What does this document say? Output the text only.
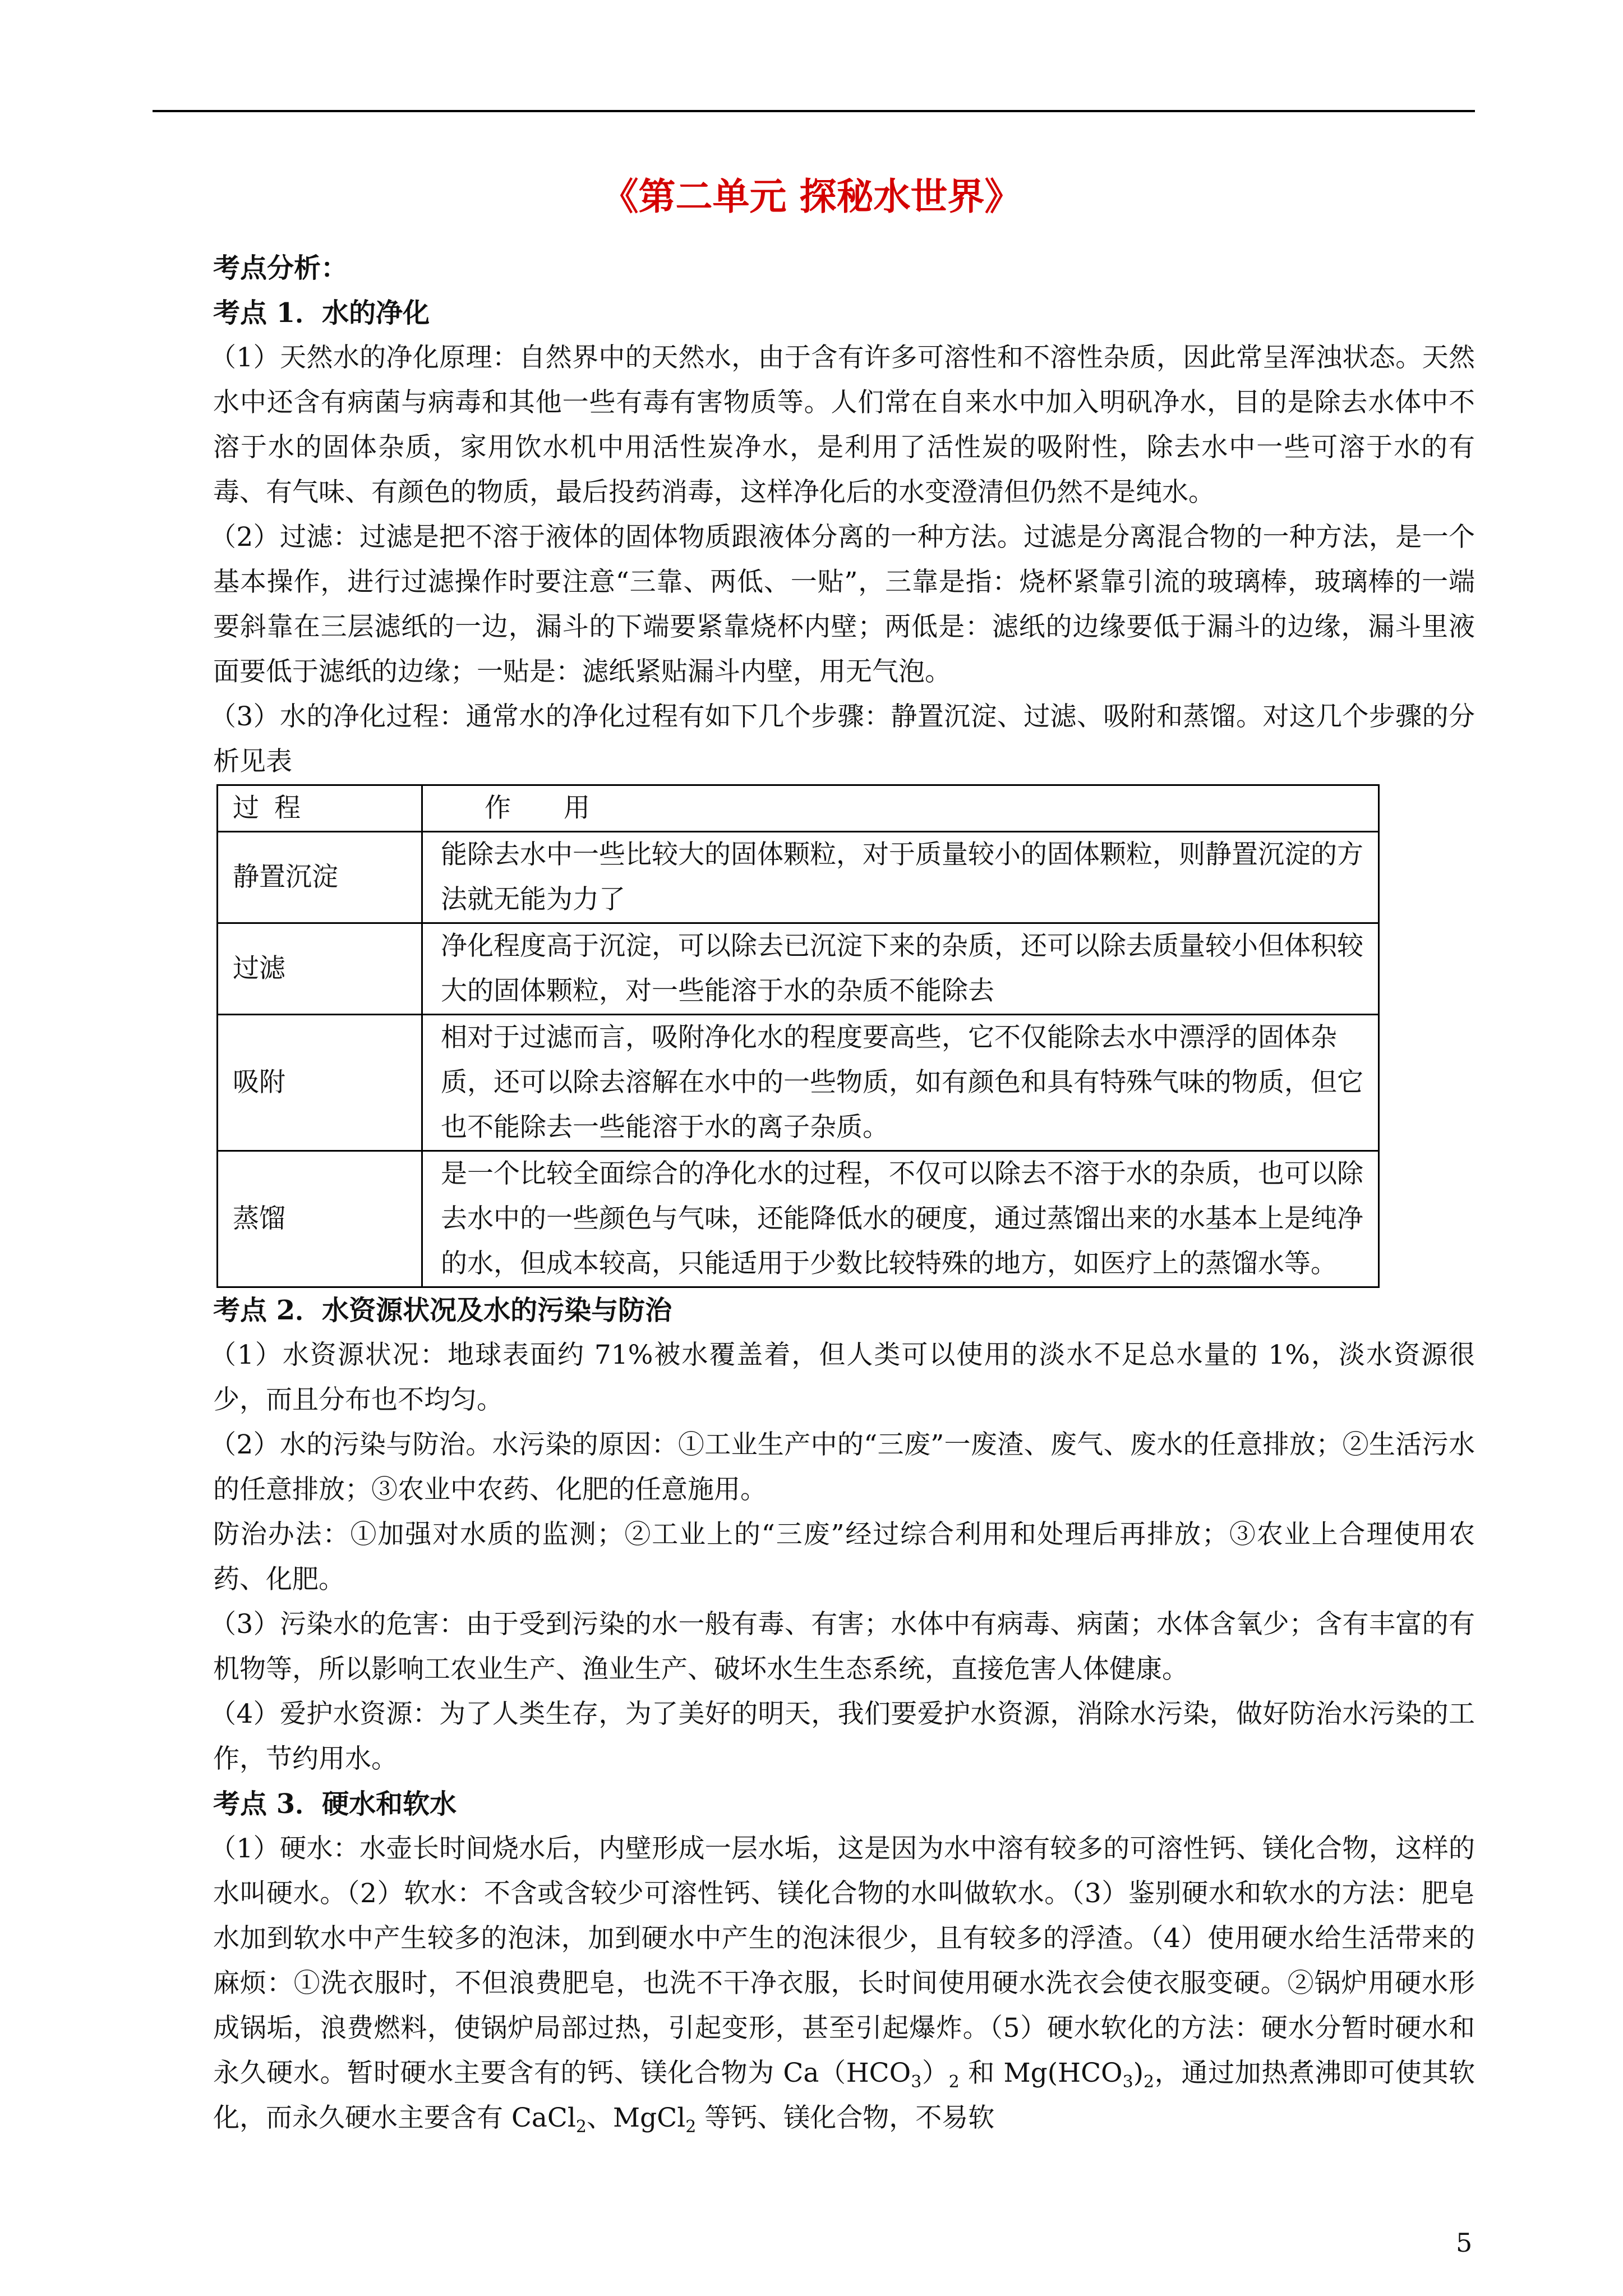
《第二单元 探秘水世界》

考点分析：

考点 1．水的净化

（1）天然水的净化原理：自然界中的天然水，由于含有许多可溶性和不溶性杂质，因此常呈浑浊状态。天然水中还含有病菌与病毒和其他一些有毒有害物质等。人们常在自来水中加入明矾净水，目的是除去水体中不溶于水的固体杂质，家用饮水机中用活性炭净水，是利用了活性炭的吸附性，除去水中一些可溶于水的有毒、有气味、有颜色的物质，最后投药消毒，这样净化后的水变澄清但仍然不是纯水。

（2）过滤：过滤是把不溶于液体的固体物质跟液体分离的一种方法。过滤是分离混合物的一种方法，是一个基本操作，进行过滤操作时要注意“三靠、两低、一贴”，三靠是指：烧杯紧靠引流的玻璃棒，玻璃棒的一端要斜靠在三层滤纸的一边，漏斗的下端要紧靠烧杯内壁；两低是：滤纸的边缘要低于漏斗的边缘，漏斗里液面要低于滤纸的边缘；一贴是：滤纸紧贴漏斗内壁，用无气泡。

（3）水的净化过程：通常水的净化过程有如下几个步骤：静置沉淀、过滤、吸附和蒸馏。对这几个步骤的分析见表

过 程	作　　用
静置沉淀	能除去水中一些比较大的固体颗粒，对于质量较小的固体颗粒，则静置沉淀的方法就无能为力了
过滤	净化程度高于沉淀，可以除去已沉淀下来的杂质，还可以除去质量较小但体积较大的固体颗粒，对一些能溶于水的杂质不能除去
吸附	相对于过滤而言，吸附净化水的程度要高些，它不仅能除去水中漂浮的固体杂质，还可以除去溶解在水中的一些物质，如有颜色和具有特殊气味的物质，但它也不能除去一些能溶于水的离子杂质。
蒸馏	是一个比较全面综合的净化水的过程，不仅可以除去不溶于水的杂质，也可以除去水中的一些颜色与气味，还能降低水的硬度，通过蒸馏出来的水基本上是纯净的水，但成本较高，只能适用于少数比较特殊的地方，如医疗上的蒸馏水等。

考点 2．水资源状况及水的污染与防治

（1）水资源状况：地球表面约 71%被水覆盖着，但人类可以使用的淡水不足总水量的 1%，淡水资源很少，而且分布也不均匀。

（2）水的污染与防治。水污染的原因：①工业生产中的“三废”一废渣、废气、废水的任意排放；②生活污水的任意排放；③农业中农药、化肥的任意施用。

防治办法：①加强对水质的监测；②工业上的“三废”经过综合利用和处理后再排放；③农业上合理使用农药、化肥。

（3）污染水的危害：由于受到污染的水一般有毒、有害；水体中有病毒、病菌；水体含氧少；含有丰富的有机物等，所以影响工农业生产、渔业生产、破坏水生生态系统，直接危害人体健康。

（4）爱护水资源：为了人类生存，为了美好的明天，我们要爱护水资源，消除水污染，做好防治水污染的工作，节约用水。

考点 3．硬水和软水

（1）硬水：水壶长时间烧水后，内壁形成一层水垢，这是因为水中溶有较多的可溶性钙、镁化合物，这样的水叫硬水。（2）软水：不含或含较少可溶性钙、镁化合物的水叫做软水。（3）鉴别硬水和软水的方法：肥皂水加到软水中产生较多的泡沫，加到硬水中产生的泡沫很少，且有较多的浮渣。（4）使用硬水给生活带来的麻烦：①洗衣服时，不但浪费肥皂，也洗不干净衣服，长时间使用硬水洗衣会使衣服变硬。②锅炉用硬水形成锅垢，浪费燃料，使锅炉局部过热，引起变形，甚至引起爆炸。（5）硬水软化的方法：硬水分暂时硬水和永久硬水。暂时硬水主要含有的钙、镁化合物为 $Ca(HCO_3)_2$ 和 $Mg(HCO_3)_2$，通过加热煮沸即可使其软化，而永久硬水主要含有 CaCl$_2$、MgCl$_2$ 等钙、镁化合物，不易软

5
